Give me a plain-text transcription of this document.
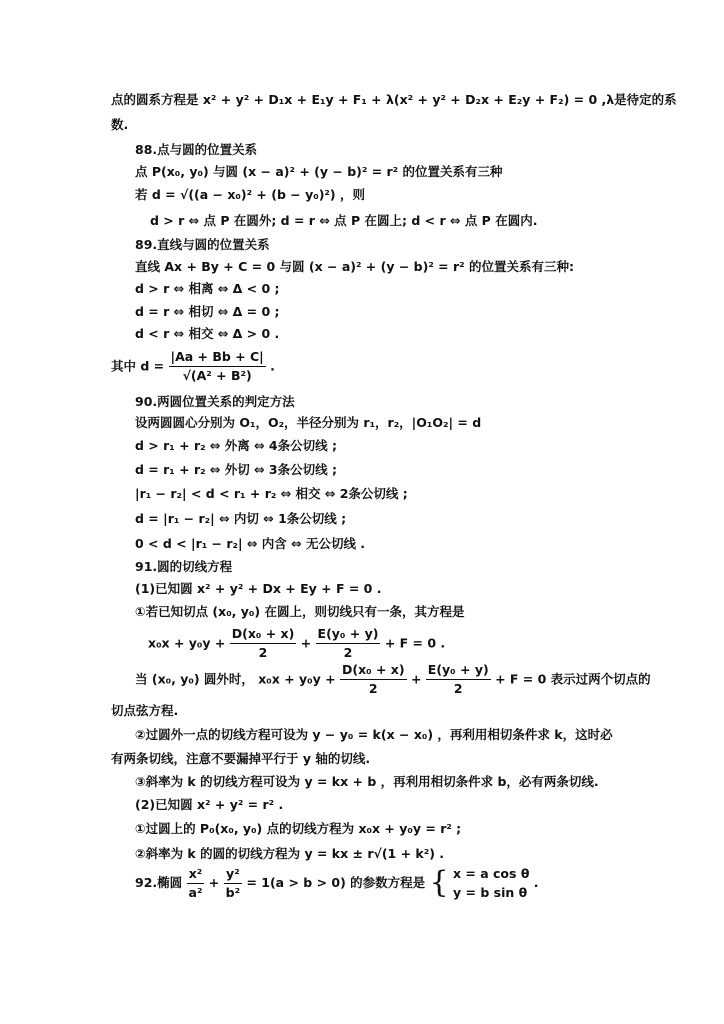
点的圆系方程是 x² + y² + D₁x + E₁y + F₁ + λ(x² + y² + D₂x + E₂y + F₂) = 0 ,λ是待定的系
数.
88.点与圆的位置关系
点 P(x₀, y₀) 与圆 (x − a)² + (y − b)² = r² 的位置关系有三种
若 d = √((a − x₀)² + (b − y₀)²) ，则
d > r ⇔ 点 P 在圆外; d = r ⇔ 点 P 在圆上; d < r ⇔ 点 P 在圆内.
89.直线与圆的位置关系
直线 Ax + By + C = 0 与圆 (x − a)² + (y − b)² = r² 的位置关系有三种:
d > r ⇔ 相离 ⇔ Δ < 0 ;
d = r ⇔ 相切 ⇔ Δ = 0 ;
d < r ⇔ 相交 ⇔ Δ > 0 .
其中 $d = \frac{|Aa + Bb + C|}{\text{√(A² + B²)}}$ .
90.两圆位置关系的判定方法
设两圆圆心分别为 O₁，O₂，半径分别为 r₁，r₂，|O₁O₂| = d
d > r₁ + r₂ ⇔ 外离 ⇔ 4条公切线 ;
d = r₁ + r₂ ⇔ 外切 ⇔ 3条公切线 ;
|r₁ − r₂| < d < r₁ + r₂ ⇔ 相交 ⇔ 2条公切线 ;
d = |r₁ − r₂| ⇔ 内切 ⇔ 1条公切线 ;
0 < d < |r₁ − r₂| ⇔ 内含 ⇔ 无公切线 .
91.圆的切线方程
(1)已知圆 x² + y² + Dx + Ey + F = 0 .
①若已知切点 (x₀, y₀) 在圆上，则切线只有一条，其方程是
$x_0x + y_0y + \frac{\text{D(x₀ + x)}}{2} + \frac{\text{E(y₀ + y)}}{2} + F = 0$ .
当 (x₀, y₀) 圆外时， $x_0x + y_0y + \frac{\text{D(x₀ + x)}}{2} + \frac{\text{E(y₀ + y)}}{2} + F = 0$ 表示过两个切点的
切点弦方程.
②过圆外一点的切线方程可设为 y − y₀ = k(x − x₀) ，再利用相切条件求 k，这时必
有两条切线，注意不要漏掉平行于 y 轴的切线.
③斜率为 k 的切线方程可设为 y = kx + b ，再利用相切条件求 b，必有两条切线.
(2)已知圆 x² + y² = r² .
①过圆上的 P₀(x₀, y₀) 点的切线方程为 x₀x + y₀y = r² ;
②斜率为 k 的圆的切线方程为 y = kx ± r√(1 + k²) .
92.椭圆 $\frac{\text{x²}}{\text{a²}} + \frac{\text{y²}}{\text{b²}} = 1(a > b > 0)$ 的参数方程是 { x = a cos θ
y = b sin θ
.
